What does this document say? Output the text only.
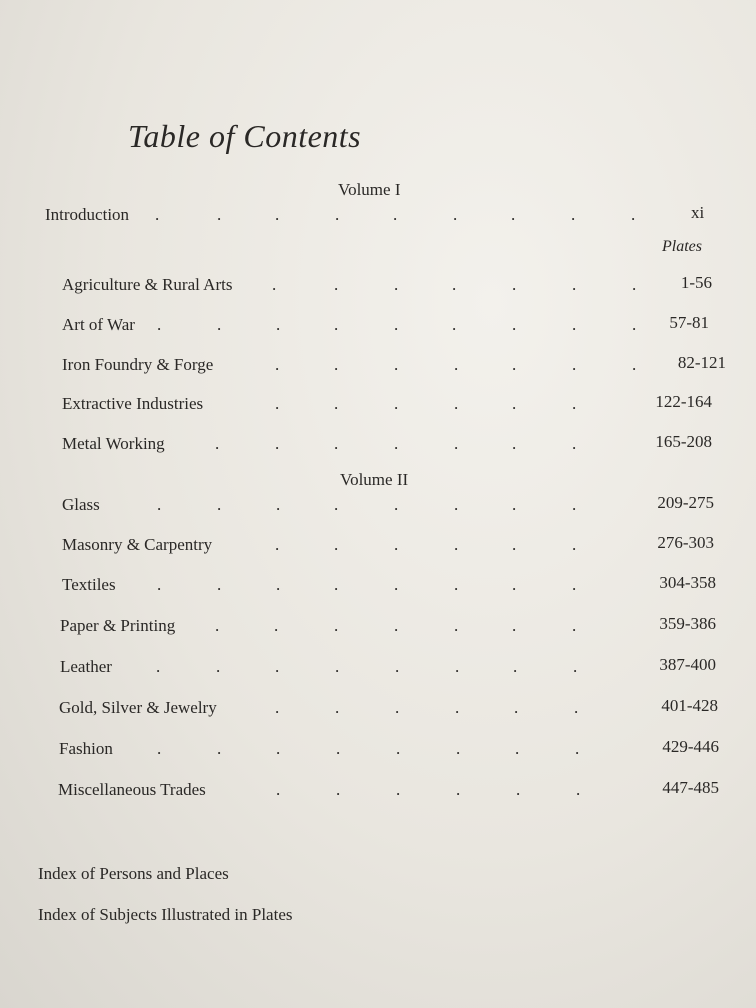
Table of Contents
Volume I
Introduction .	.	.	.	.	.	.	.	.	xi
Plates
Agriculture & Rural Arts .	.	.	.	.	.	.	1-56
Art of War .	.	.	.	.	.	.	.	. 57-81
Iron Foundry & Forge	.	.	.	.	.	.	. 82-121
Extractive Industries	.	.	.	.	.	.	122-164
Metal Working	.	.	.	.	.	.	.	165-208
Volume II
Glass	.	.	.	.	.	.	.	.	209-275
Masonry & Carpentry	.	.	.	.	.	.	276-303
Textiles .	.	.	.	.	.	.	.	304-358
Paper & Printing .	.	.	.	.	.	.	359-386
Leather	.	.	.	.	.	.	.	.	387-400
Gold, Silver & Jewelry	.	.	.	.	.	.	401-428
Fashion	.	.	.	.	.	.	.	.	429-446
Miscellaneous Trades	.	.	.	.	.	.	447-485
Index of Persons and Places
Index of Subjects Illustrated in Plates
